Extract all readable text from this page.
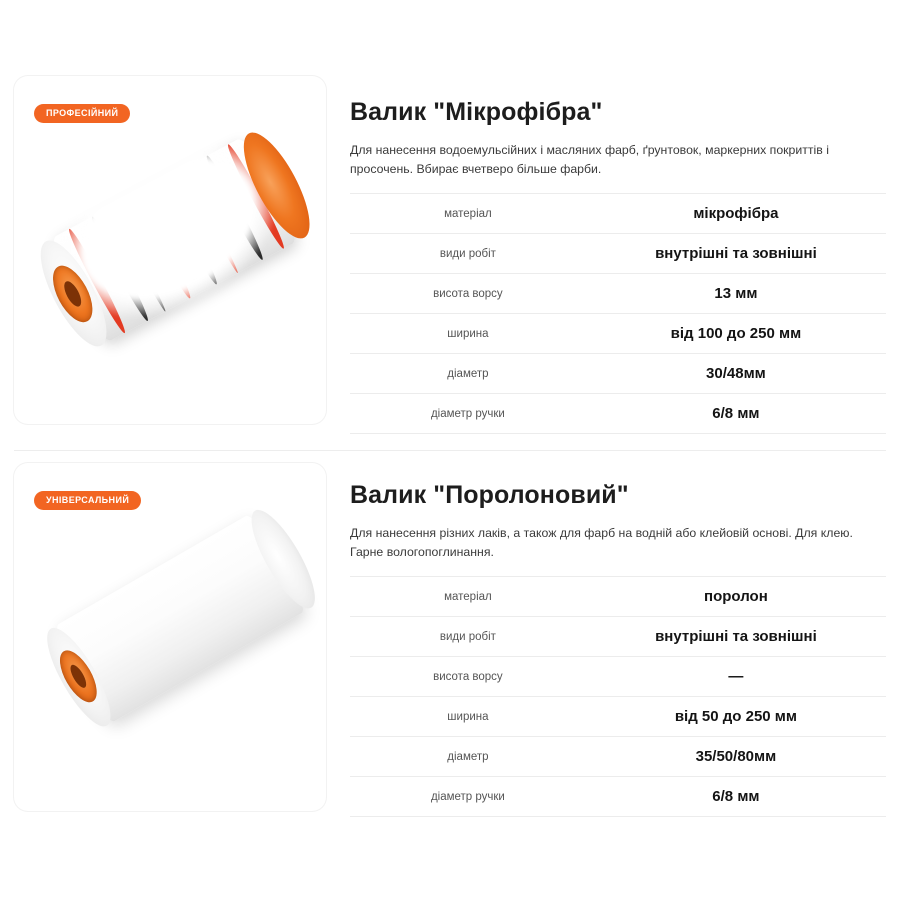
ПРОФЕСІЙНИЙ	Валик "Мікрофібра"

Для нанесення водоемульсійних і масляних фарб, ґрунтовок, маркерних покриттів і просочень. Вбирає вчетверо більше фарби.

матеріал	мікрофібра
види робіт	внутрішні та зовнішні
висота ворсу	13 мм
ширина	від 100 до 250 мм
діаметр	30/48мм
діаметр ручки	6/8 мм
УНІВЕРСАЛЬНИЙ	Валик "Поролоновий"

Для нанесення різних лаків, а також для фарб на водній або клейовій основі. Для клею. Гарне вологопоглинання.

матеріал	поролон
види робіт	внутрішні та зовнішні
висота ворсу	—
ширина	від 50 до 250 мм
діаметр	35/50/80мм
діаметр ручки	6/8 мм
